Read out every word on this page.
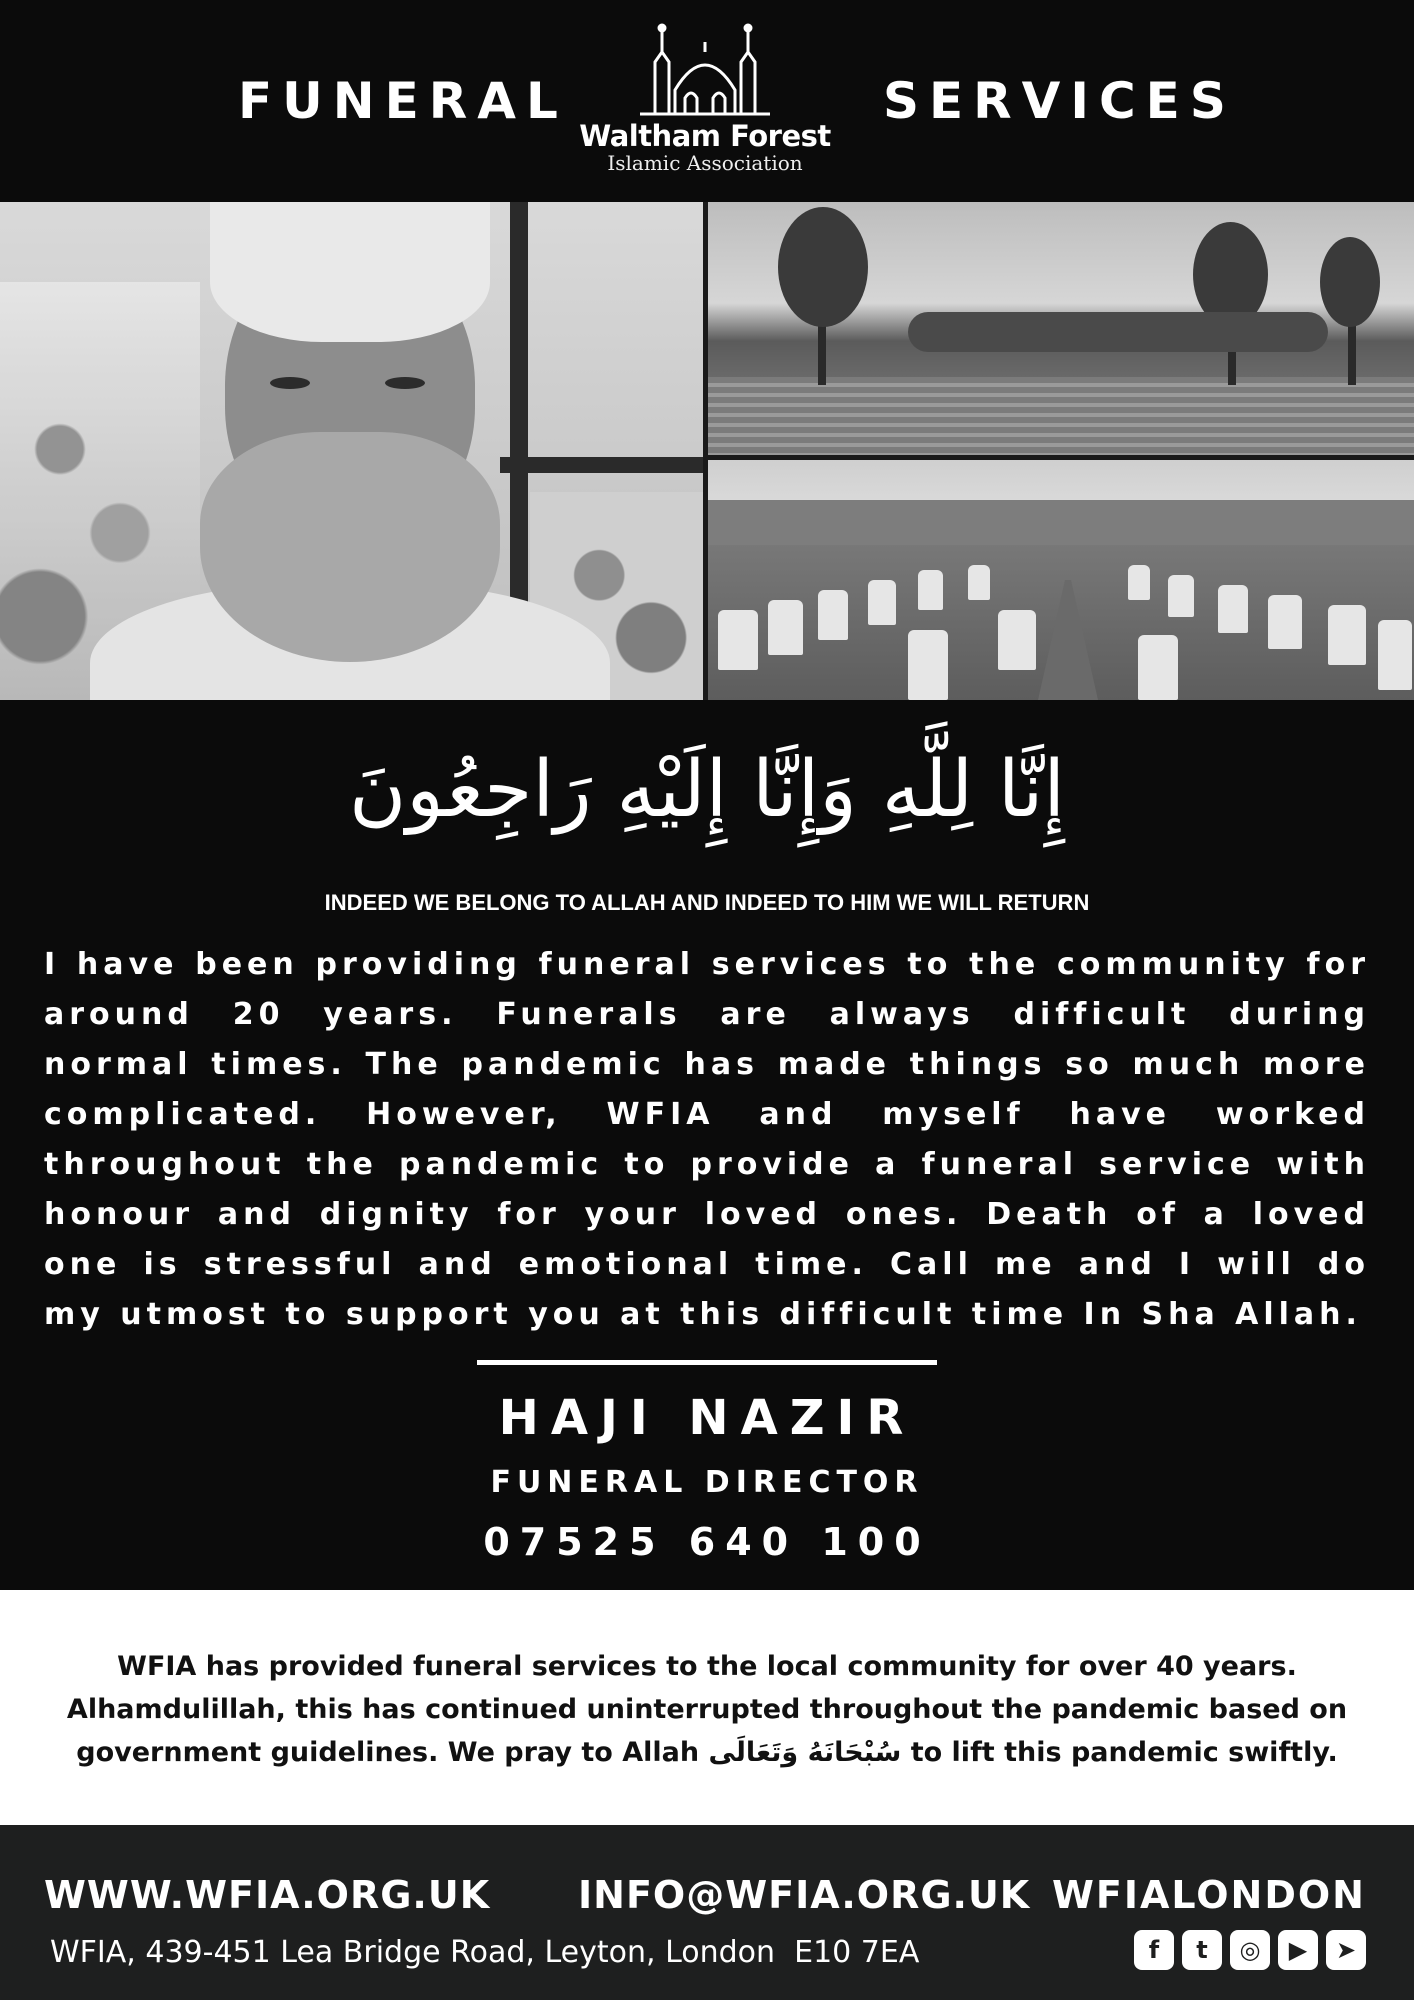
FUNERAL
Waltham Forest
Islamic Association
SERVICES
إِنَّا لِلَّهِ وَإِنَّا إِلَيْهِ رَاجِعُونَ
INDEED WE BELONG TO ALLAH AND INDEED TO HIM WE WILL RETURN
I have been providing funeral services to the community for around 20 years. Funerals are always difficult during normal times. The pandemic has made things so much more complicated. However, WFIA and myself have worked throughout the pandemic to provide a funeral service with honour and dignity for your loved ones. Death of a loved one is stressful and emotional time. Call me and I will do my utmost to support you at this difficult time In Sha Allah.
HAJI NAZIR
FUNERAL DIRECTOR
07525 640 100
WFIA has provided funeral services to the local community for over 40 years.
Alhamdulillah, this has continued uninterrupted throughout the pandemic based on
government guidelines. We pray to Allah سُبْحَانَهُ وَتَعَالَى to lift this pandemic swiftly.
WWW.WFIA.ORG.UK INFO@WFIA.ORG.UK WFIALONDON
WFIA, 439-451 Lea Bridge Road, Leyton, London  E10 7EA	f	t	◎	▶	➤
